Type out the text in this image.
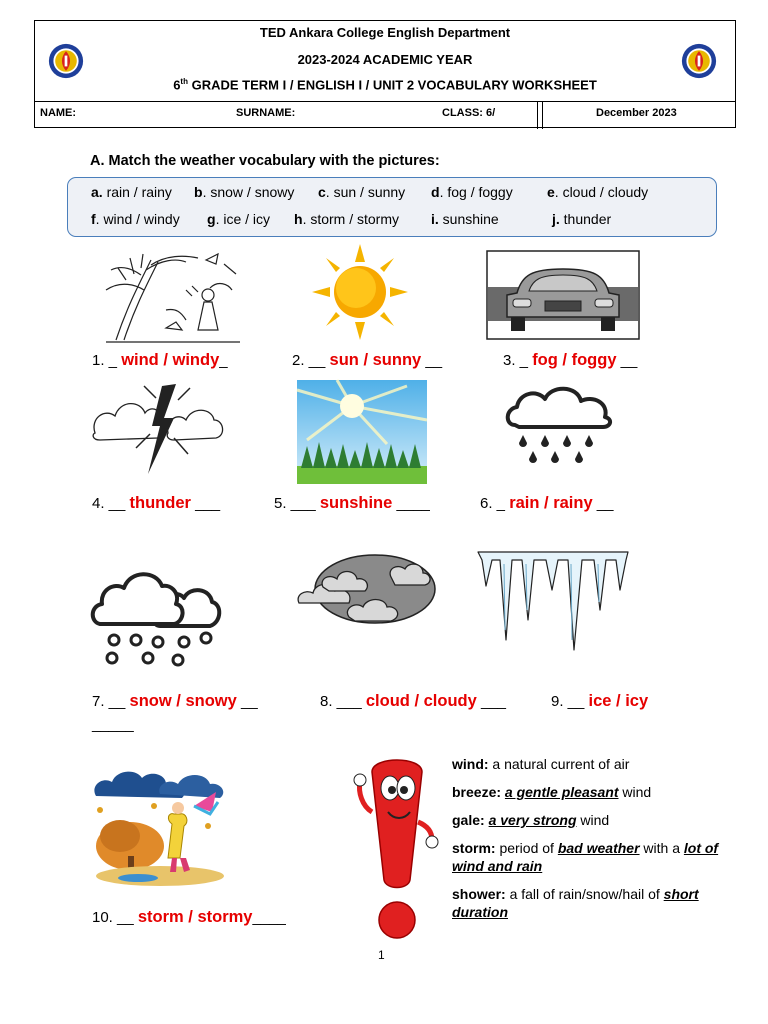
TED Ankara College English Department
2023-2024 ACADEMIC YEAR
6th GRADE TERM I / ENGLISH I / UNIT 2 VOCABULARY WORKSHEET
NAME:	SURNAME:	CLASS: 6/	December 2023
A. Match the weather vocabulary with the pictures:
a. rain / rainy b. snow / snowy c. sun / sunny d. fog / foggy e. cloud / cloudy
f. wind / windy g. ice / icy h. storm / stormy i. sunshine	j. thunder
1. _ wind / windy_	2. __ sun / sunny __	3. _ fog / foggy __
4. __ thunder ___	5. ___ sunshine ____	6. _ rain / rainy __
7. __ snow / snowy __
_____
8. ___ cloud / cloudy ___	9. __ ice / icy
10. __ storm / stormy____
wind: a natural current of air
breeze: a gentle pleasant wind
gale: a very strong wind
storm: period of bad weather with a lot of wind and rain
shower: a fall of rain/snow/hail of short duration
1
